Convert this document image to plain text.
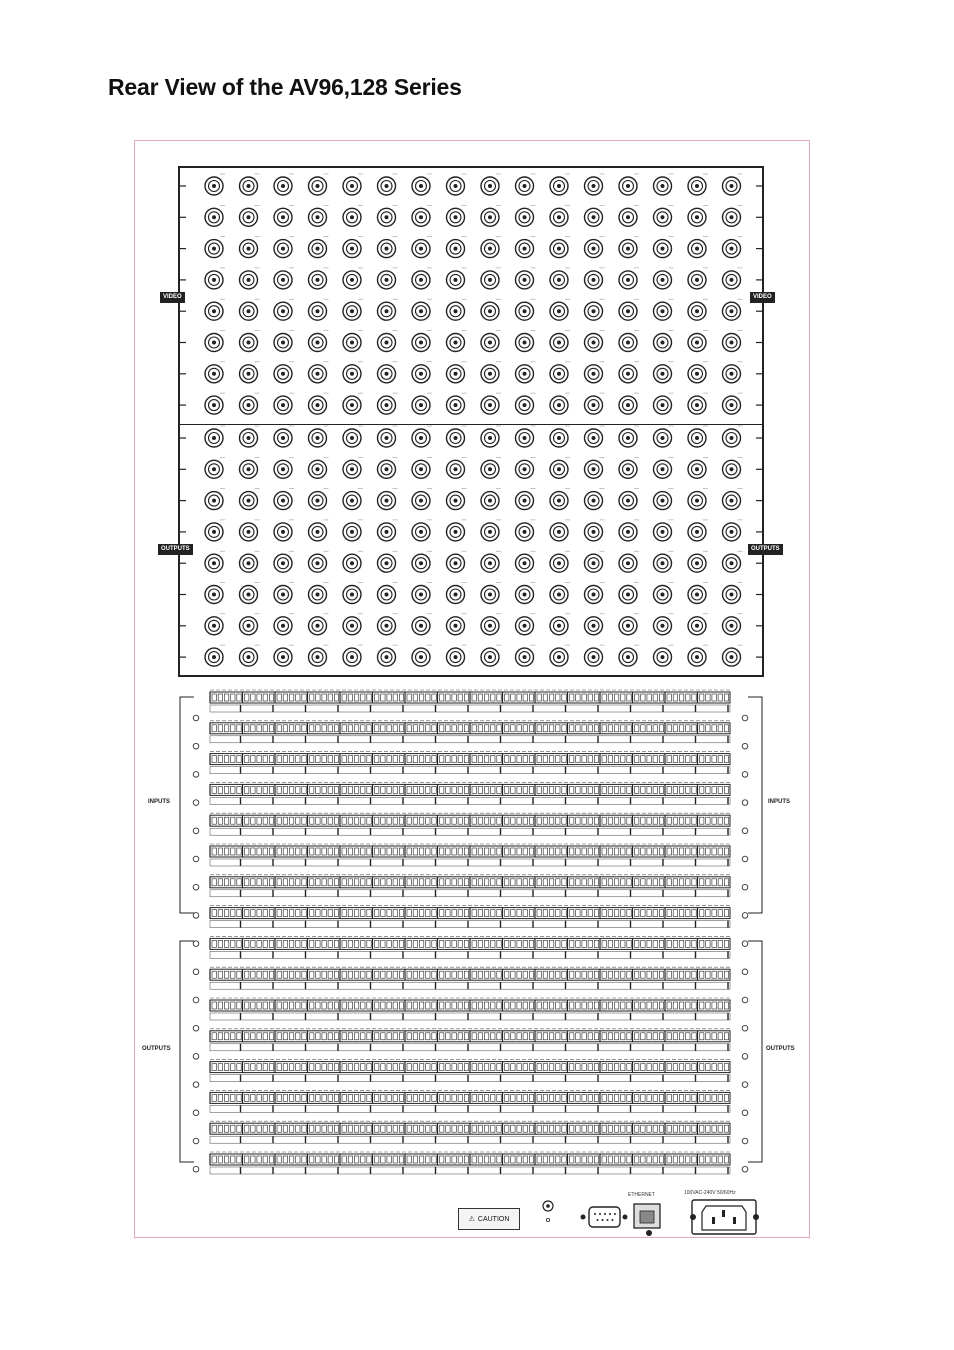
Rear View of the AV96,128 Series
VIDEO	VIDEO
OUTPUTS	OUTPUTS
INPUTS	INPUTS
OUTPUTS	OUTPUTS
⚠ CAUTION
ETHERNET	100VAC-240V 50/60Hz
